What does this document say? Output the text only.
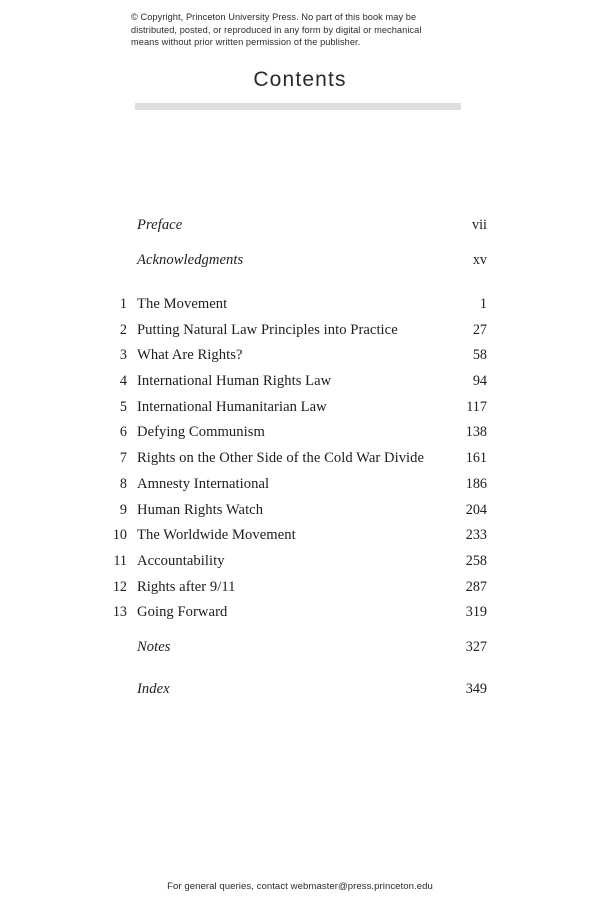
© Copyright, Princeton University Press. No part of this book may be
distributed, posted, or reproduced in any form by digital or mechanical
means without prior written permission of the publisher.
Contents
Preface	vii
Acknowledgments	xv
1 The Movement	1
2 Putting Natural Law Principles into Practice	27
3 What Are Rights?	58
4 International Human Rights Law	94
5 International Humanitarian Law	117
6 Defying Communism	138
7 Rights on the Other Side of the Cold War Divide	161
8 Amnesty International	186
9 Human Rights Watch	204
10 The Worldwide Movement	233
11 Accountability	258
12 Rights after 9/11	287
13 Going Forward	319
Notes	327
Index	349
For general queries, contact webmaster@press.princeton.edu
